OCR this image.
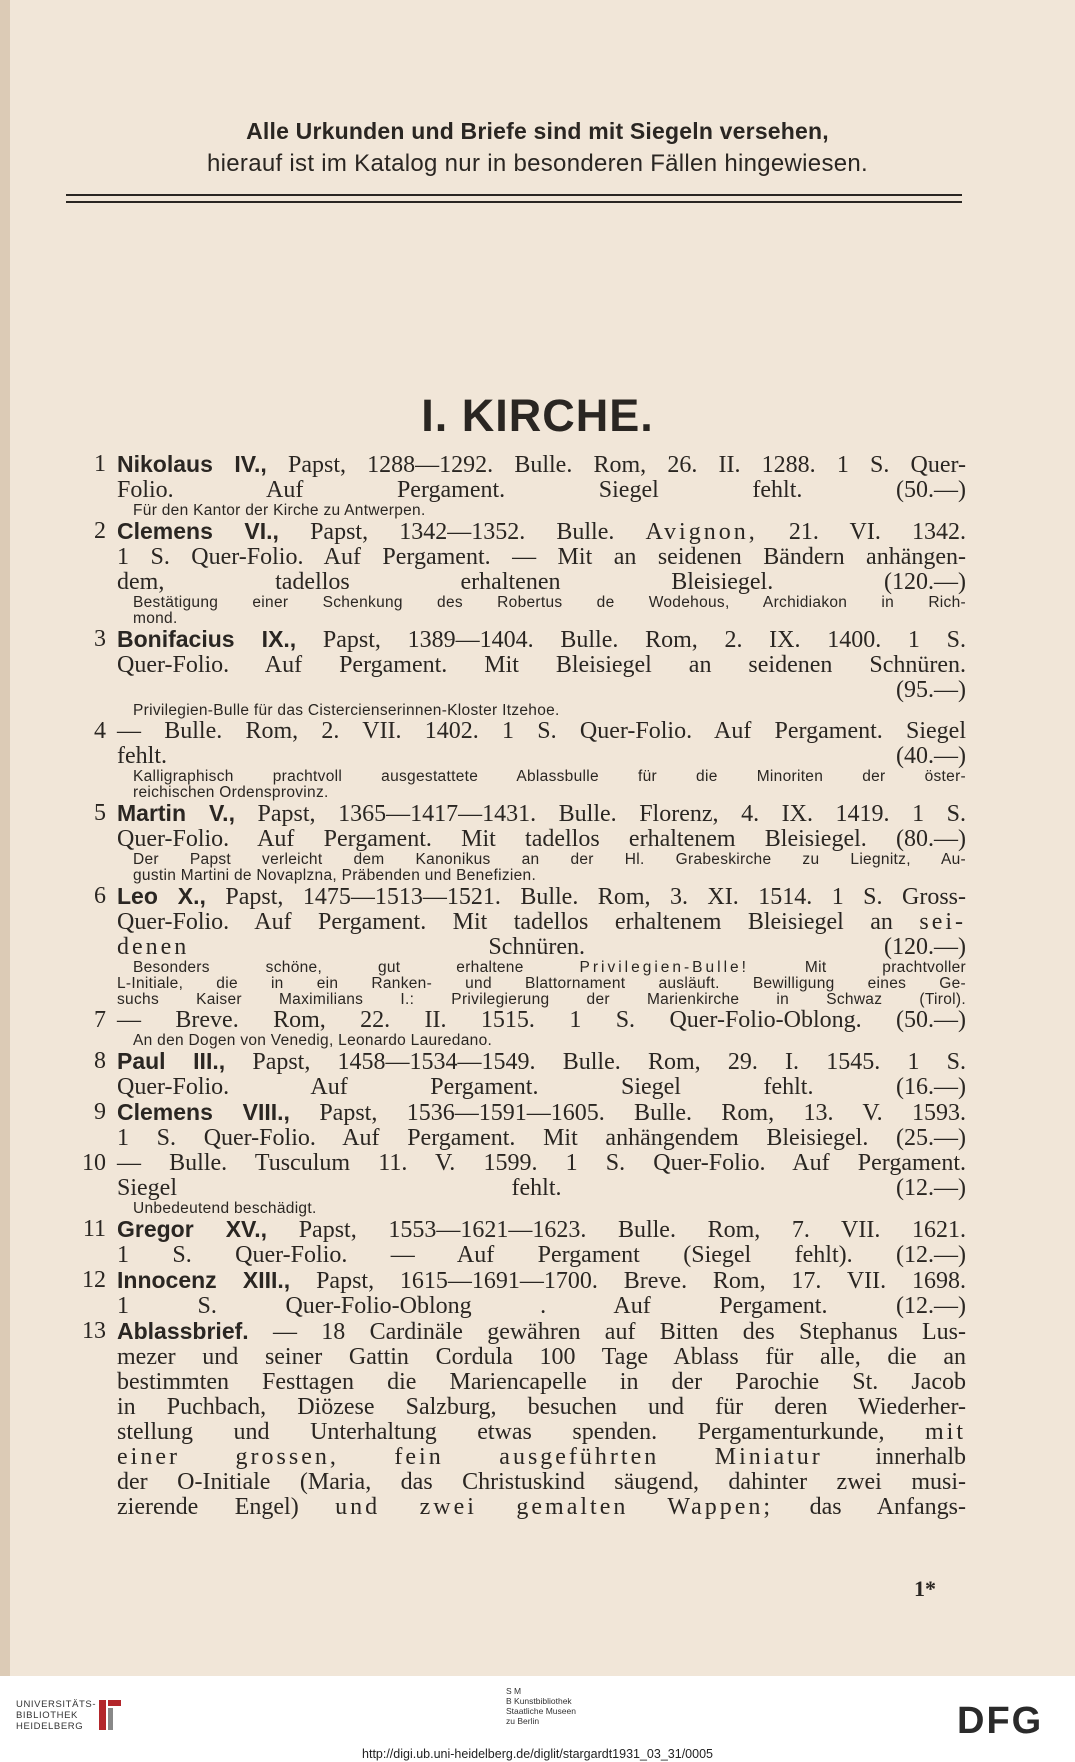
Alle Urkunden und Briefe sind mit Siegeln versehen,
hierauf ist im Katalog nur in besonderen Fällen hingewiesen.
I. KIRCHE.
1 Nikolaus IV., Papst, 1288—1292. Bulle. Rom, 26. II. 1288. 1 S. Quer-
Folio. Auf Pergament. Siegel fehlt.	(50.—)
Für den Kantor der Kirche zu Antwerpen.
2 Clemens VI., Papst, 1342—1352. Bulle. Avignon, 21. VI. 1342.
1 S. Quer-Folio. Auf Pergament. — Mit an seidenen Bändern anhängen-
dem, tadellos erhaltenen Bleisiegel.	(120.—)
Bestätigung einer Schenkung des Robertus de Wodehous, Archidiakon in Rich-
mond.
3 Bonifacius IX., Papst, 1389—1404. Bulle. Rom, 2. IX. 1400. 1 S.
Quer-Folio. Auf Pergament. Mit Bleisiegel an seidenen Schnüren.
(95.—)
Privilegien-Bulle für das Cistercienserinnen-Kloster Itzehoe.
4 — Bulle. Rom, 2. VII. 1402. 1 S. Quer-Folio. Auf Pergament. Siegel
fehlt.	(40.—)
Kalligraphisch prachtvoll ausgestattete Ablassbulle für die Minoriten der öster-
reichischen Ordensprovinz.
5 Martin V., Papst, 1365—1417—1431. Bulle. Florenz, 4. IX. 1419. 1 S.
Quer-Folio. Auf Pergament. Mit tadellos erhaltenem Bleisiegel. (80.—)
Der Papst verleicht dem Kanonikus an der Hl. Grabeskirche zu Liegnitz, Au-
gustin Martini de Novaplzna, Präbenden und Benefizien.
6 Leo X., Papst, 1475—1513—1521. Bulle. Rom, 3. XI. 1514. 1 S. Gross-
Quer-Folio. Auf Pergament. Mit tadellos erhaltenem Bleisiegel an sei-
denen	Schnüren.	(120.—)
Besonders schöne, gut erhaltene	Privilegien-Bulle!	Mit prachtvoller
L-Initiale, die in ein Ranken- und Blattornament ausläuft. Bewilligung eines Ge-
suchs Kaiser Maximilians I.: Privilegierung der Marienkirche in Schwaz (Tirol).
7 — Breve. Rom, 22. II. 1515. 1 S. Quer-Folio-Oblong. (50.—)
An den Dogen von Venedig, Leonardo Lauredano.
8 Paul III., Papst, 1458—1534—1549. Bulle. Rom, 29. I. 1545. 1 S.
Quer-Folio. Auf Pergament. Siegel fehlt.	(16.—)
9 Clemens VIII., Papst, 1536—1591—1605. Bulle. Rom, 13. V. 1593.
1 S. Quer-Folio. Auf Pergament. Mit anhängendem Bleisiegel. (25.—)
10 — Bulle. Tusculum 11. V. 1599. 1 S. Quer-Folio. Auf Pergament.
Siegel fehlt.	(12.—)
Unbedeutend beschädigt.
11 Gregor XV., Papst, 1553—1621—1623. Bulle. Rom, 7. VII. 1621.
1 S. Quer-Folio. — Auf Pergament (Siegel fehlt). (12.—)
12 Innocenz XIII., Papst, 1615—1691—1700. Breve. Rom, 17. VII. 1698.
1 S. Quer-Folio-Oblong . Auf Pergament.	(12.—)
13 Ablassbrief. — 18 Cardinäle gewähren auf Bitten des Stephanus Lus-
mezer und seiner Gattin Cordula 100 Tage Ablass für alle, die an
bestimmten Festtagen die Mariencapelle in der Parochie St. Jacob
in Puchbach, Diözese Salzburg, besuchen und für deren Wiederher-
stellung und Unterhaltung etwas spenden. Pergamenturkunde, mit
einer grossen, fein ausgeführten Miniatur innerhalb
der O-Initiale (Maria, das Christuskind säugend, dahinter zwei musi-
zierende Engel) und zwei gemalten Wappen; das Anfangs-
1*
UNIVERSITÄTS-
BIBLIOTHEK
HEIDELBERG
S M
B Kunstbibliothek
Staatliche Museen
zu Berlin	DFG
http://digi.ub.uni-heidelberg.de/diglit/stargardt1931_03_31/0005
